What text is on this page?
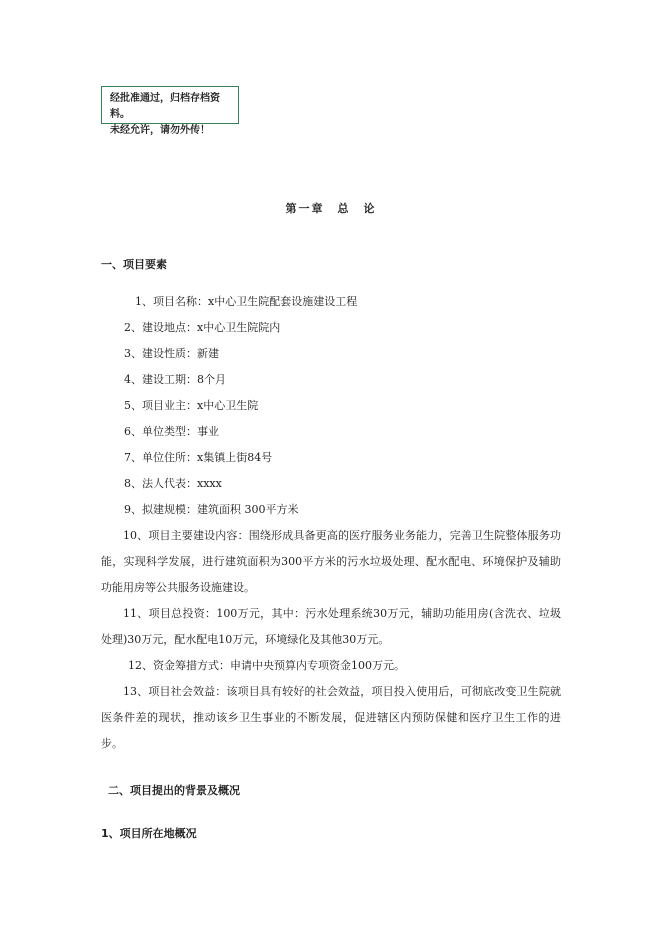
经批准通过，归档存档资料。
未经允许，请勿外传！
第一章　总　论
一、项目要素
1、项目名称：x中心卫生院配套设施建设工程
2、建设地点：x中心卫生院院内
3、建设性质：新建
4、建设工期：8个月
5、项目业主：x中心卫生院
6、单位类型：事业
7、单位住所：x集镇上街84号
8、法人代表：xxxx
9、拟建规模：建筑面积 300平方米
10、项目主要建设内容：围绕形成具备更高的医疗服务业务能力，完善卫生院整体服务功能，实现科学发展，进行建筑面积为300平方米的污水垃圾处理、配水配电、环境保护及辅助功能用房等公共服务设施建设。
11、项目总投资：100万元，其中：污水处理系统30万元，辅助功能用房(含洗衣、垃圾处理)30万元，配水配电10万元，环境绿化及其他30万元。
12、资金筹措方式：申请中央预算内专项资金100万元。
13、项目社会效益：该项目具有较好的社会效益，项目投入使用后，可彻底改变卫生院就医条件差的现状，推动该乡卫生事业的不断发展，促进辖区内预防保健和医疗卫生工作的进步。
二、项目提出的背景及概况
1、项目所在地概况
